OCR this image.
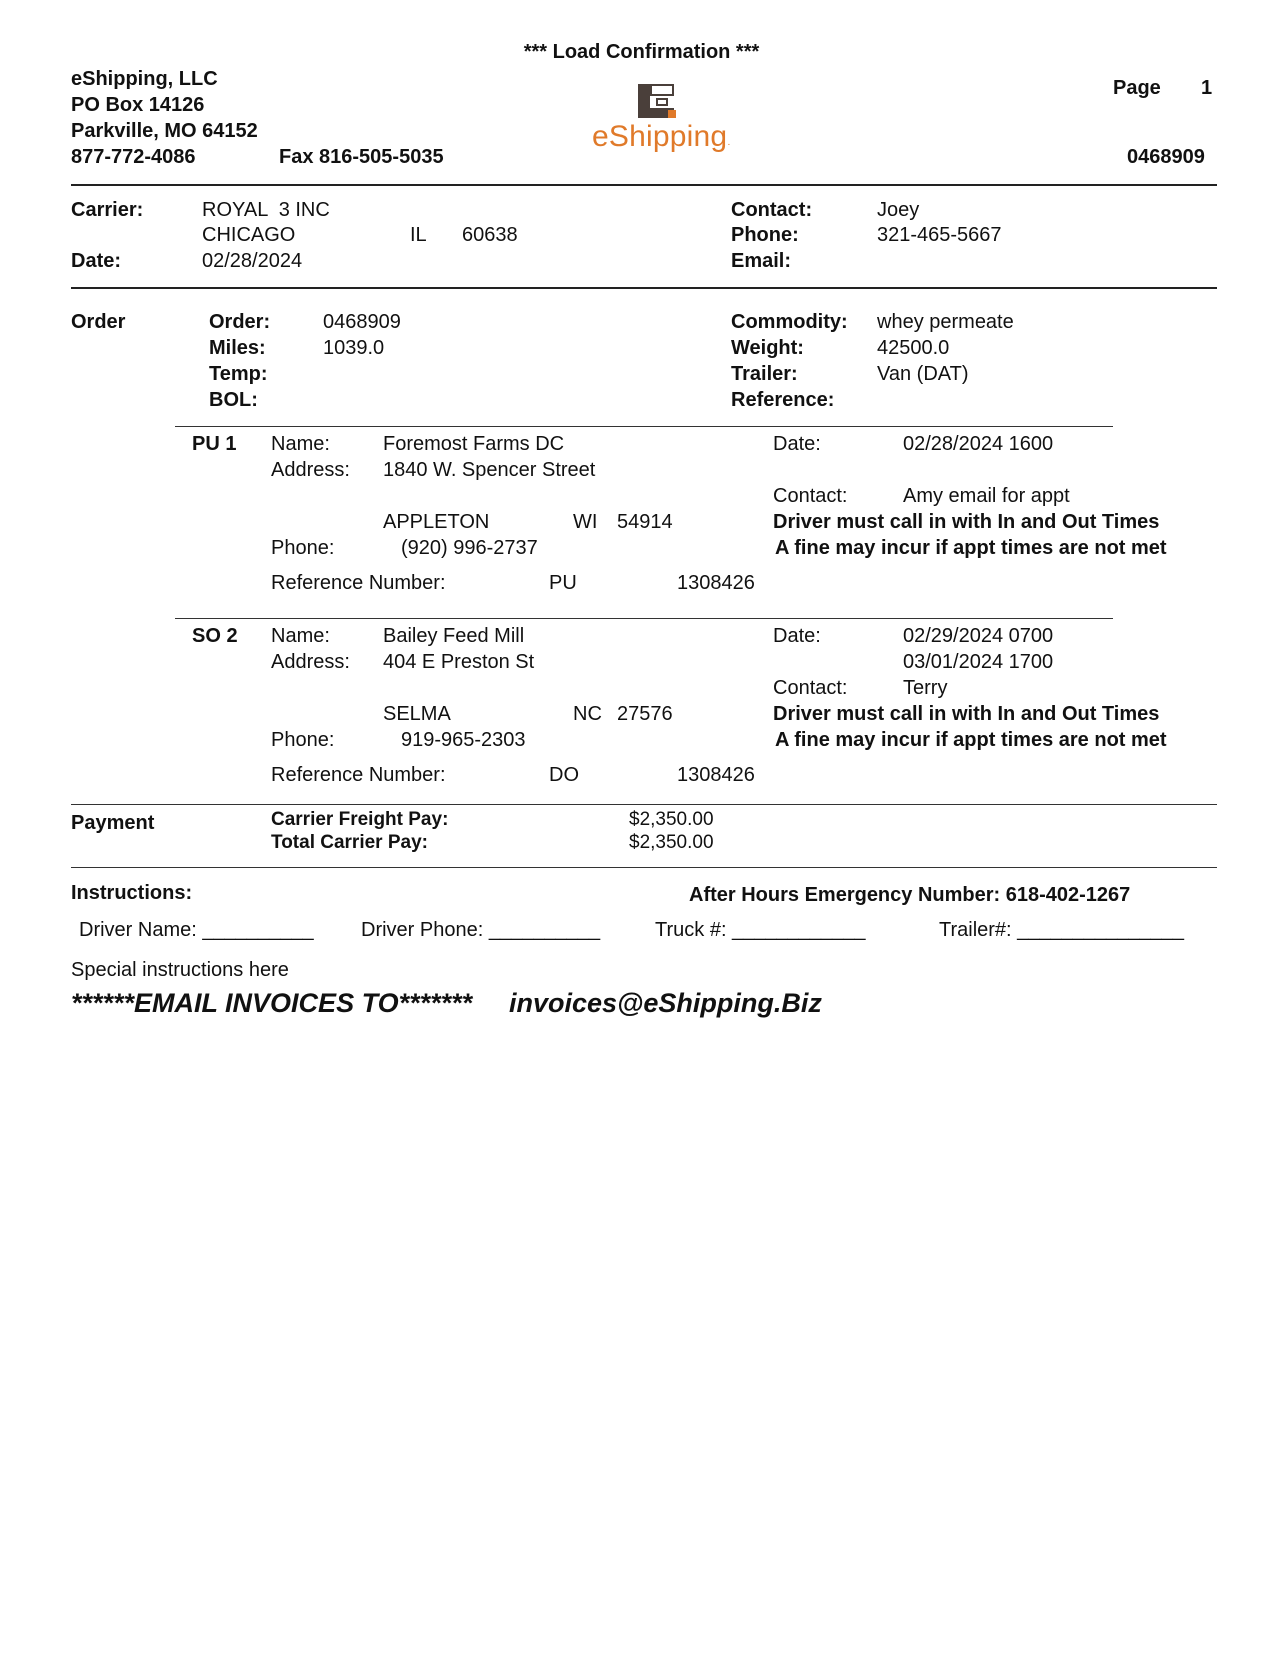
*** Load Confirmation ***
eShipping, LLC
PO Box 14126
Parkville, MO 64152
877-772-4086	Fax 816-505-5035
eShipping·
Page 1
0468909
Carrier:	ROYAL  3 INC
CHICAGO	IL 60638
Date:	02/28/2024
Contact:	Joey
Phone:	321-465-5667
Email:
Order	Order:	0468909
Miles:	1039.0
Temp:
BOL:
Commodity: whey permeate
Weight:	42500.0
Trailer:	Van (DAT)
Reference:
PU 1 Name:	Foremost Farms DC
Address: 1840 W. Spencer Street
APPLETON	WI 54914
Phone:	(920) 996-2737
Reference Number:	PU	1308426
Date:	02/28/2024 1600
Contact:	Amy email for appt
Driver must call in with In and Out Times
A fine may incur if appt times are not met
SO 2 Name:	Bailey Feed Mill
Address: 404 E Preston St
SELMA	NC 27576
Phone:	919-965-2303
Reference Number:	DO	1308426
Date:	02/29/2024 0700
03/01/2024 1700
Contact:	Terry
Driver must call in with In and Out Times
A fine may incur if appt times are not met
Payment	Carrier Freight Pay:	$2,350.00
Total Carrier Pay:	$2,350.00
Instructions:	After Hours Emergency Number: 618-402-1267
Driver Name: __________ Driver Phone: __________	Truck #: ____________	Trailer#: _______________
Special instructions here
******EMAIL INVOICES TO******* invoices@eShipping.Biz
